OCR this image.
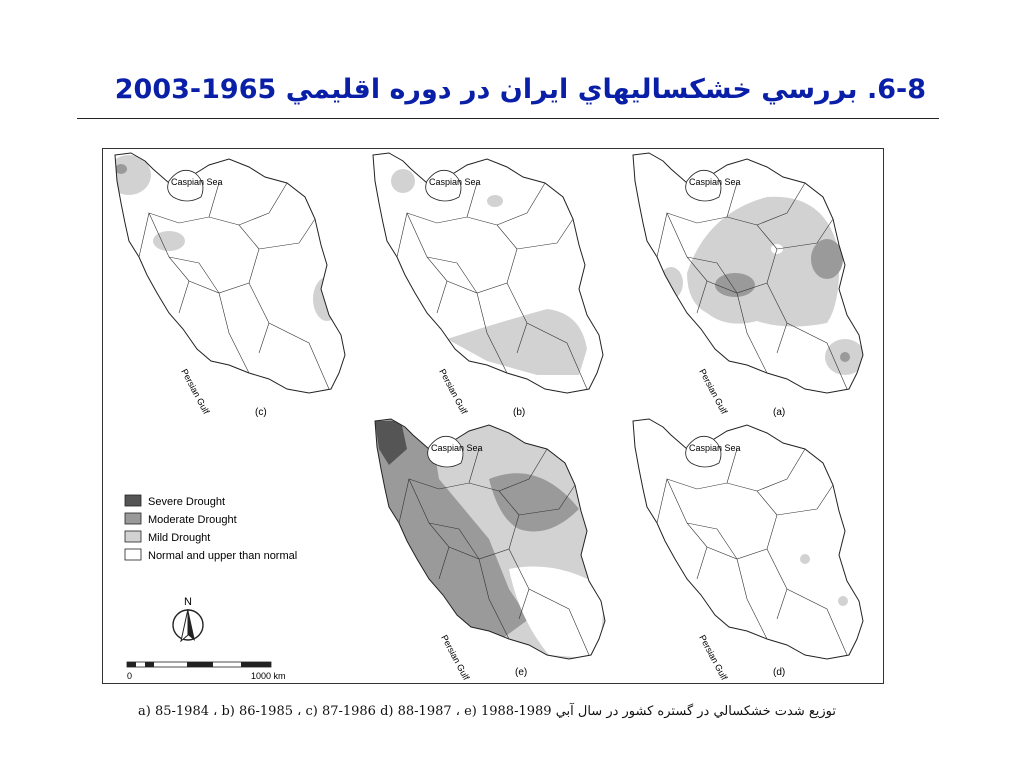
6-8. بررسي خشکساليهاي ايران در دوره اقليمي 1965-2003
Caspian Sea
Persian Gulf	(c)
Caspian Sea
Persian Gulf	(b)
Caspian Sea
Persian Gulf	(a)
Caspian Sea
Persian Gulf	(e)
Caspian Sea
Persian Gulf	(d)
Severe Drought
Moderate Drought
Mild Drought
Normal and upper than normal
N
0	1000 km
توزيع شدت خشکسالي در گستره کشور در سال آبي a) 85-1984 ، b) 86-1985 ، c) 87-1986 d) 88-1987 ، e) 1988-1989
